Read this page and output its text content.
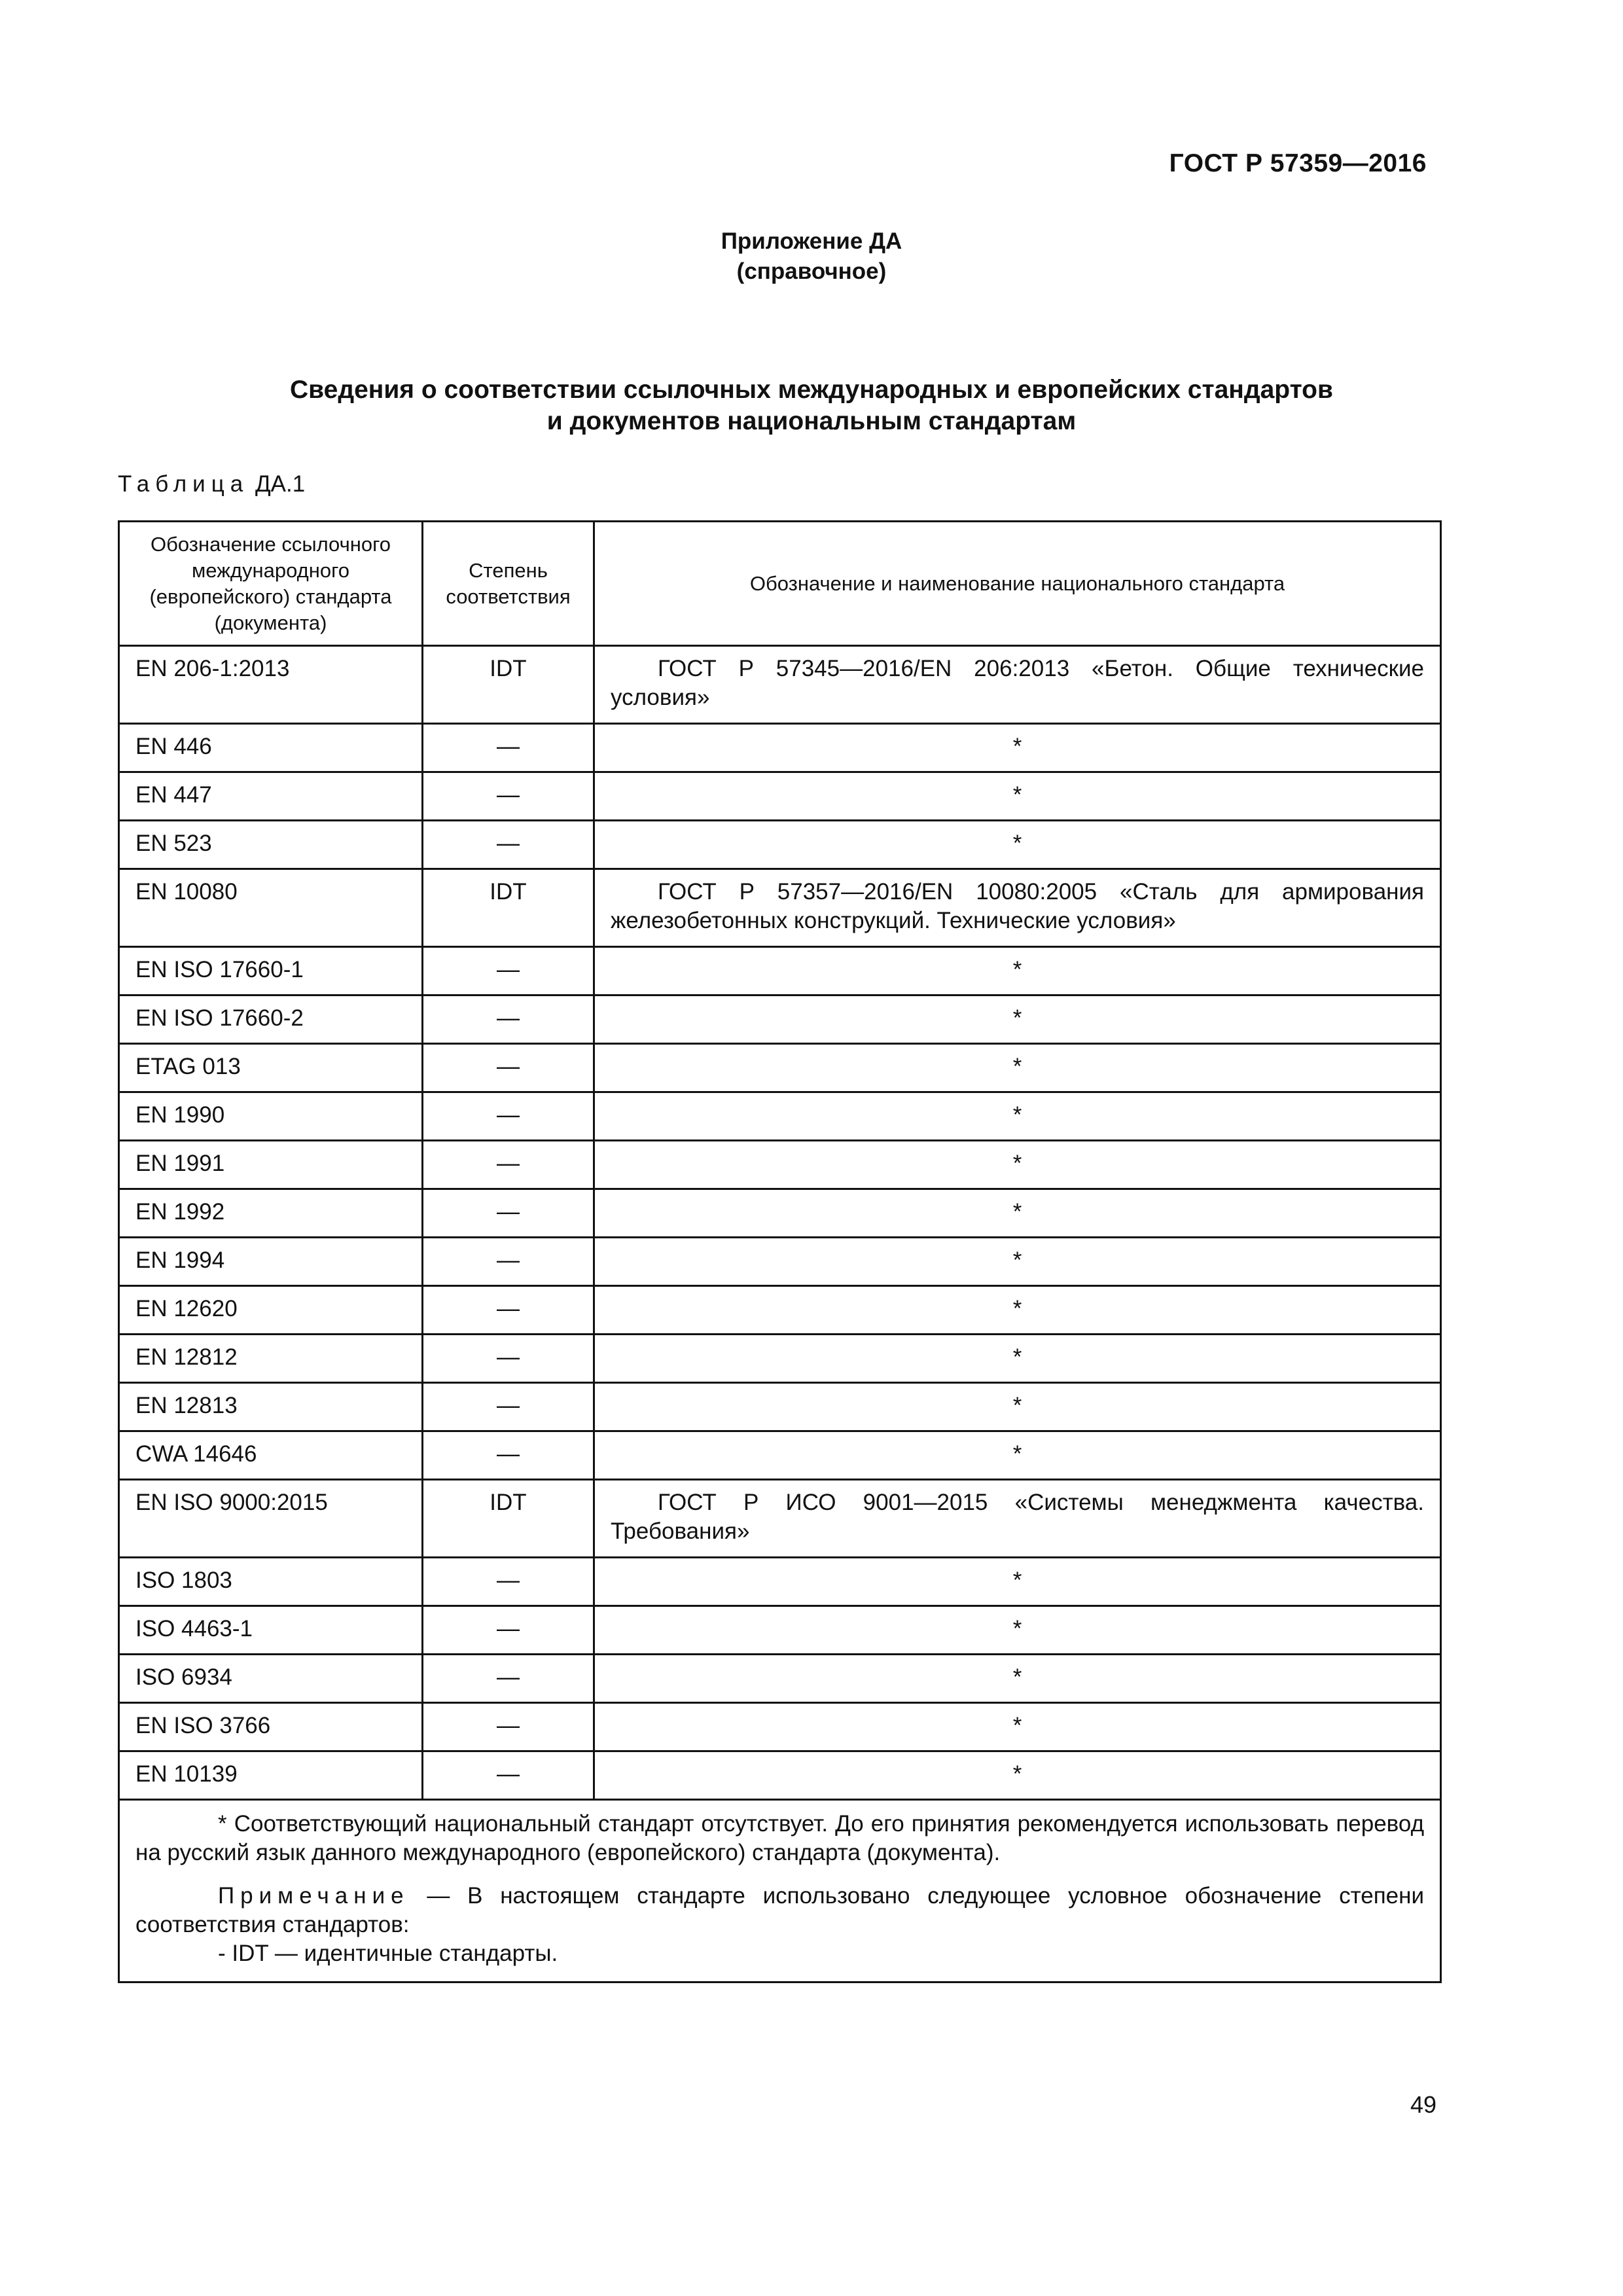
ГОСТ Р 57359—2016
Приложение ДА
(справочное)
Сведения о соответствии ссылочных международных и европейских стандартов
и документов национальным стандартам
Таблица ДА.1
Обозначение ссылочного международного (европейского) стандарта (документа)	Степень соответствия	Обозначение и наименование национального стандарта
EN 206-1:2013	IDT	ГОСТ Р 57345—2016/EN 206:2013 «Бетон. Общие технические условия»
EN 446	—	*
EN 447	—	*
EN 523	—	*
EN 10080	IDT	ГОСТ Р 57357—2016/EN 10080:2005 «Сталь для армирования железобетонных конструкций. Технические условия»
EN ISO 17660-1	—	*
EN ISO 17660-2	—	*
ETAG 013	—	*
EN 1990	—	*
EN 1991	—	*
EN 1992	—	*
EN 1994	—	*
EN 12620	—	*
EN 12812	—	*
EN 12813	—	*
CWA 14646	—	*
EN ISO 9000:2015	IDT	ГОСТ Р ИСО 9001—2015 «Системы менеджмента качества. Требования»
ISO 1803	—	*
ISO 4463-1	—	*
ISO 6934	—	*
EN ISO 3766	—	*
EN 10139	—	*

* Соответствующий национальный стандарт отсутствует. До его принятия рекомендуется использовать перевод на русский язык данного международного (европейского) стандарта (документа).

Примечание — В настоящем стандарте использовано следующее условное обозначение степени соответствия стандартов:

- IDT — идентичные стандарты.		

49
